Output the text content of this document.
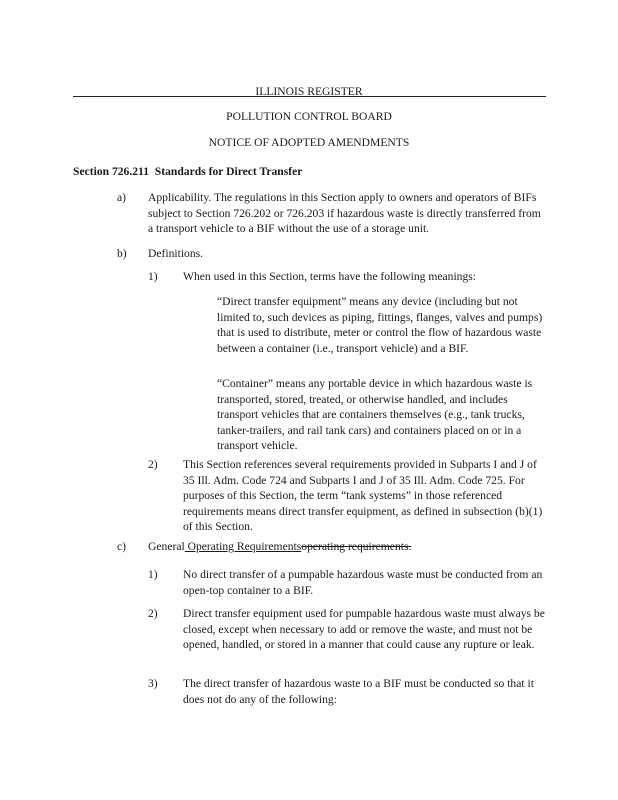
ILLINOIS REGISTER
POLLUTION CONTROL BOARD
NOTICE OF ADOPTED AMENDMENTS
Section 726.211  Standards for Direct Transfer
a) Applicability. The regulations in this Section apply to owners and operators of BIFs subject to Section 726.202 or 726.203 if hazardous waste is directly transferred from a transport vehicle to a BIF without the use of a storage unit.
b) Definitions.
1) When used in this Section, terms have the following meanings:
“Direct transfer equipment” means any device (including but not limited to, such devices as piping, fittings, flanges, valves and pumps) that is used to distribute, meter or control the flow of hazardous waste between a container (i.e., transport vehicle) and a BIF.
“Container” means any portable device in which hazardous waste is transported, stored, treated, or otherwise handled, and includes transport vehicles that are containers themselves (e.g., tank trucks, tanker-trailers, and rail tank cars) and containers placed on or in a transport vehicle.
2) This Section references several requirements provided in Subparts I and J of 35 Ill. Adm. Code 724 and Subparts I and J of 35 Ill. Adm. Code 725. For purposes of this Section, the term “tank systems” in those referenced requirements means direct transfer equipment, as defined in subsection (b)(1) of this Section.
c) General Operating Requirementsoperating requirements.
1) No direct transfer of a pumpable hazardous waste must be conducted from an open-top container to a BIF.
2) Direct transfer equipment used for pumpable hazardous waste must always be closed, except when necessary to add or remove the waste, and must not be opened, handled, or stored in a manner that could cause any rupture or leak.
3) The direct transfer of hazardous waste to a BIF must be conducted so that it does not do any of the following:
